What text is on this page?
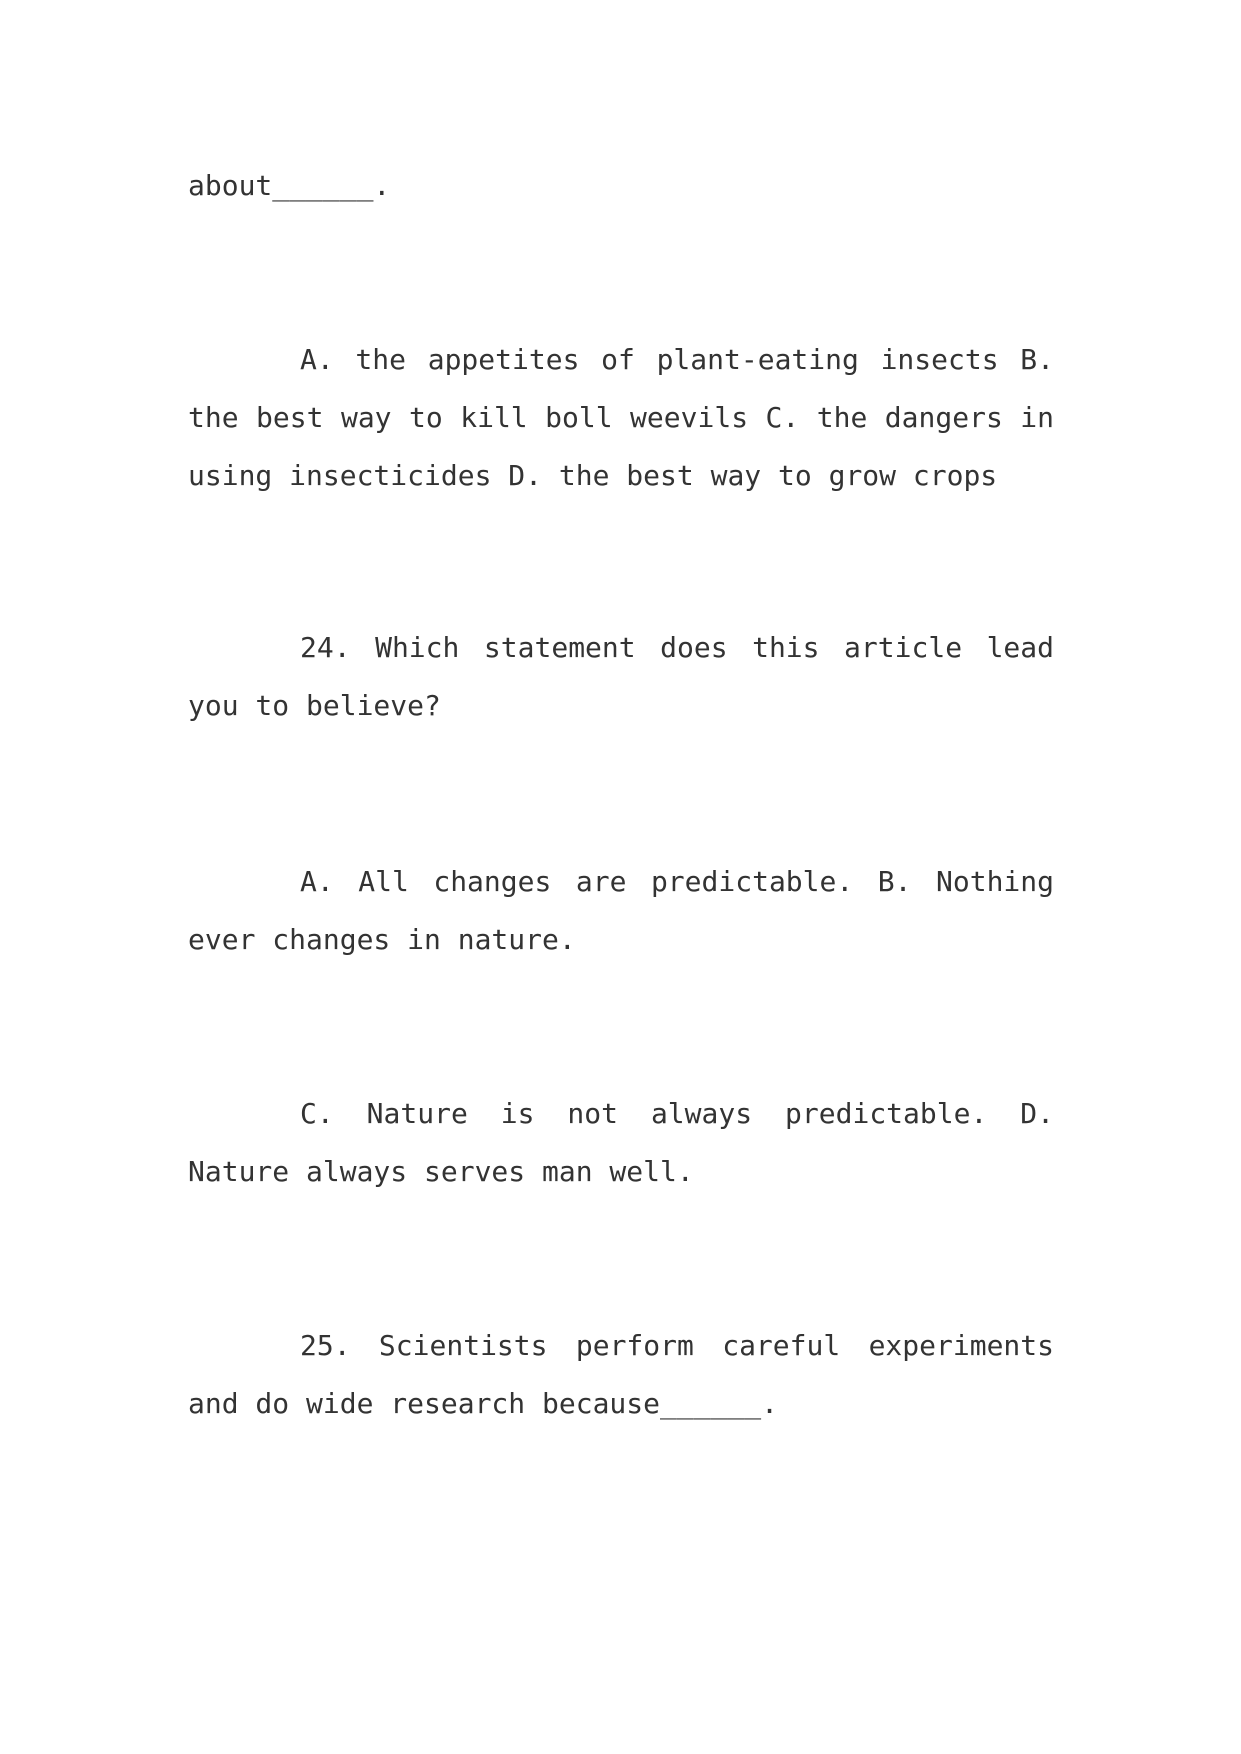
about______.

A. the appetites of plant-eating insects B. the best way to kill boll weevils C. the dangers in using insecticides D. the best way to grow crops

24. Which statement does this article lead you to believe?

A. All changes are predictable. B. Nothing ever changes in nature.

C. Nature is not always predictable. D. Nature always serves man well.

25. Scientists perform careful experiments and do wide research because______.
